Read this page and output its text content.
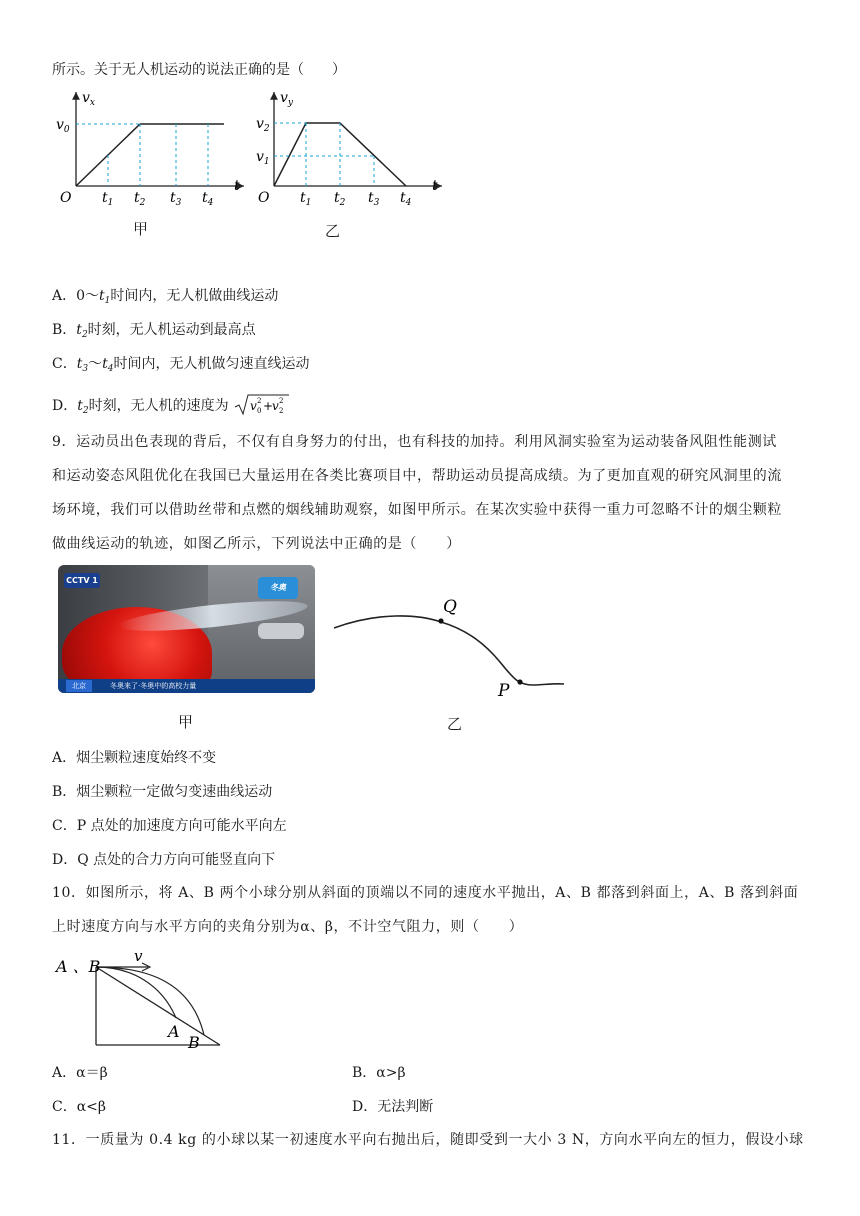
所示。关于无人机运动的说法正确的是（　　）
$v_x$
$v_0$
O
t
$t_1$ $t_2$ $t_3$ $t_4$
甲
$v_y$
$v_2$
$v_1$
O
t
$t_1$ $t_2$ $t_3$ $t_4$
乙
A．$0\sim t_1$时间内，无人机做曲线运动
B．$t_2$时刻，无人机运动到最高点
C．$t_3\sim t_4$时间内，无人机做匀速直线运动
D．$t_2$时刻，无人机的速度为 v 0
2 +
v 2
2
9．运动员出色表现的背后，不仅有自身努力的付出，也有科技的加持。利用风洞实验室为运动装备风阻性能测试
和运动姿态风阻优化在我国已大量运用在各类比赛项目中，帮助运动员提高成绩。为了更加直观的研究风洞里的流
场环境，我们可以借助丝带和点燃的烟线辅助观察，如图甲所示。在某次实验中获得一重力可忽略不计的烟尘颗粒
做曲线运动的轨迹，如图乙所示，下列说法中正确的是（　　）
CCTV 1
冬奥
北京	冬奥来了·冬奥中的高校力量
甲
Q
P
乙
A．烟尘颗粒速度始终不变
B．烟尘颗粒一定做匀变速曲线运动
C．P 点处的加速度方向可能水平向左
D．Q 点处的合力方向可能竖直向下
10．如图所示，将 A、B 两个小球分别从斜面的顶端以不同的速度水平抛出，A、B 都落到斜面上，A、B 落到斜面
上时速度方向与水平方向的夹角分别为α、β，不计空气阻力，则（　　）
A 、B
v
A
B
A．α＝β	B．α>β
C．α<β	D．无法判断
11．一质量为 0.4 kg 的小球以某一初速度水平向右抛出后，随即受到一大小 3 N，方向水平向左的恒力，假设小球
